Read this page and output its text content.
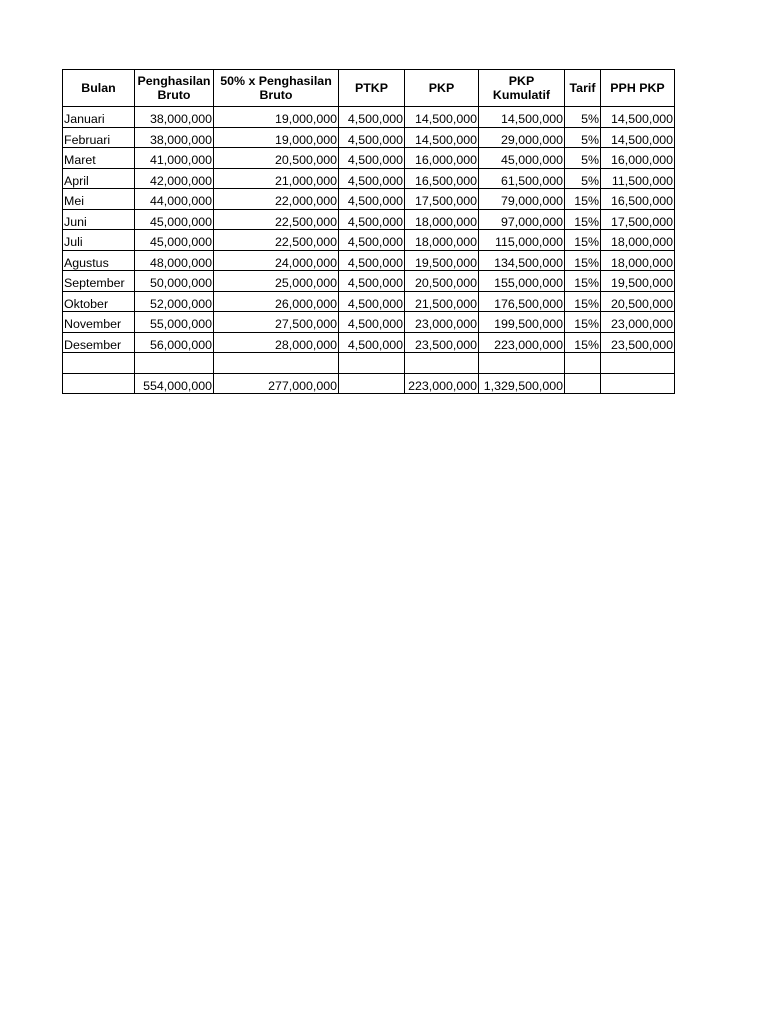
Bulan	Penghasilan Bruto	50% x Penghasilan Bruto	PTKP	PKP	PKP Kumulatif	Tarif	PPH PKP
Januari	38,000,000	19,000,000	4,500,000	14,500,000	14,500,000	5%	14,500,000
Februari	38,000,000	19,000,000	4,500,000	14,500,000	29,000,000	5%	14,500,000
Maret	41,000,000	20,500,000	4,500,000	16,000,000	45,000,000	5%	16,000,000
April	42,000,000	21,000,000	4,500,000	16,500,000	61,500,000	5%	11,500,000
Mei	44,000,000	22,000,000	4,500,000	17,500,000	79,000,000	15%	16,500,000
Juni	45,000,000	22,500,000	4,500,000	18,000,000	97,000,000	15%	17,500,000
Juli	45,000,000	22,500,000	4,500,000	18,000,000	115,000,000	15%	18,000,000
Agustus	48,000,000	24,000,000	4,500,000	19,500,000	134,500,000	15%	18,000,000
September	50,000,000	25,000,000	4,500,000	20,500,000	155,000,000	15%	19,500,000
Oktober	52,000,000	26,000,000	4,500,000	21,500,000	176,500,000	15%	20,500,000
November	55,000,000	27,500,000	4,500,000	23,000,000	199,500,000	15%	23,000,000
Desember	56,000,000	28,000,000	4,500,000	23,500,000	223,000,000	15%	23,500,000

	554,000,000	277,000,000		223,000,000	1,329,500,000		
